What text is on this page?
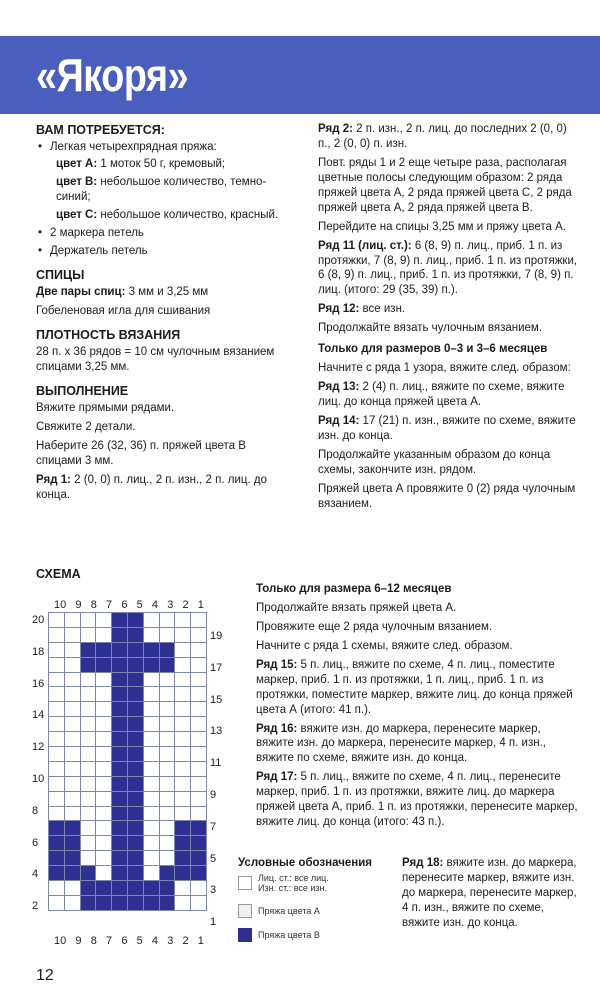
«Якоря»
ВАМ ПОТРЕБУЕТСЯ:
• Легкая четырехпрядная пряжа:

цвет А: 1 моток 50 г, кремовый;

цвет В: небольшое количество, темно-синий;

цвет С: небольшое количество, красный.

• 2 маркера петель
• Держатель петель
СПИЦЫ

Две пары спиц: 3 мм и 3,25 мм

Гобеленовая игла для сшивания

ПЛОТНОСТЬ ВЯЗАНИЯ

28 п. х 36 рядов = 10 см чулочным вязанием спицами 3,25 мм.

ВЫПОЛНЕНИЕ

Вяжите прямыми рядами.

Свяжите 2 детали.

Наберите 26 (32, 36) п. пряжей цвета В спицами 3 мм.

Ряд 1: 2 (0, 0) п. лиц., 2 п. изн., 2 п. лиц. до конца.

Ряд 2: 2 п. изн., 2 п. лиц. до последних 2 (0, 0) п., 2 (0, 0) п. изн.

Повт. ряды 1 и 2 еще четыре раза, располагая цветные полосы следующим образом: 2 ряда пряжей цвета А, 2 ряда пряжей цвета С, 2 ряда пряжей цвета А, 2 ряда пряжей цвета В.

Перейдите на спицы 3,25 мм и пряжу цвета А.

Ряд 11 (лиц. ст.): 6 (8, 9) п. лиц., приб. 1 п. из протяжки, 7 (8, 9) п. лиц., приб. 1 п. из протяжки, 6 (8, 9) п. лиц., приб. 1 п. из протяжки, 7 (8, 9) п. лиц. (итого: 29 (35, 39) п.).

Ряд 12: все изн.

Продолжайте вязать чулочным вязанием.

Только для размеров 0–3 и 3–6 месяцев

Начните с ряда 1 узора, вяжите след. образом:

Ряд 13: 2 (4) п. лиц., вяжите по схеме, вяжите лиц. до конца пряжей цвета А.

Ряд 14: 17 (21) п. изн., вяжите по схеме, вяжите изн. до конца.

Продолжайте указанным образом до конца схемы, закончите изн. рядом.

Пряжей цвета А провяжите 0 (2) ряда чулочным вязанием.

СХЕМА
10 9 8 7 6 5 4 3 2 1
10 9 8 7 6 5 4 3 2 1

20
18
16
14
12
10
8
6
4
2
19
17
15
13
11
9
7
5
3
1

Только для размера 6–12 месяцев

Продолжайте вязать пряжей цвета А.

Провяжите еще 2 ряда чулочным вязанием.

Начните с ряда 1 схемы, вяжите след. образом.

Ряд 15: 5 п. лиц., вяжите по схеме, 4 п. лиц., поместите маркер, приб. 1 п. из протяжки, 1 п. лиц., приб. 1 п. из протяжки, поместите маркер, вяжите лиц. до конца пряжей цвета А (итого: 41 п.).

Ряд 16: вяжите изн. до маркера, перенесите маркер, вяжите изн. до маркера, перенесите маркер, 4 п. изн., вяжите по схеме, вяжите изн. до конца.

Ряд 17: 5 п. лиц., вяжите по схеме, 4 п. лиц., перенесите маркер, приб. 1 п. из протяжки, вяжите лиц. до маркера пряжей цвета А, приб. 1 п. из протяжки, перенесите маркер, вяжите лиц. до конца (итого: 43 п.).

Условные обозначения
Лиц. ст.: все лиц.
Изн. ст.: все изн.
Пряжа цвета А
Пряжа цвета В

Ряд 18: вяжите изн. до маркера, перенесите маркер, вяжите изн. до маркера, перенесите маркер, 4 п. изн., вяжите по схеме, вяжите изн. до конца.

12
